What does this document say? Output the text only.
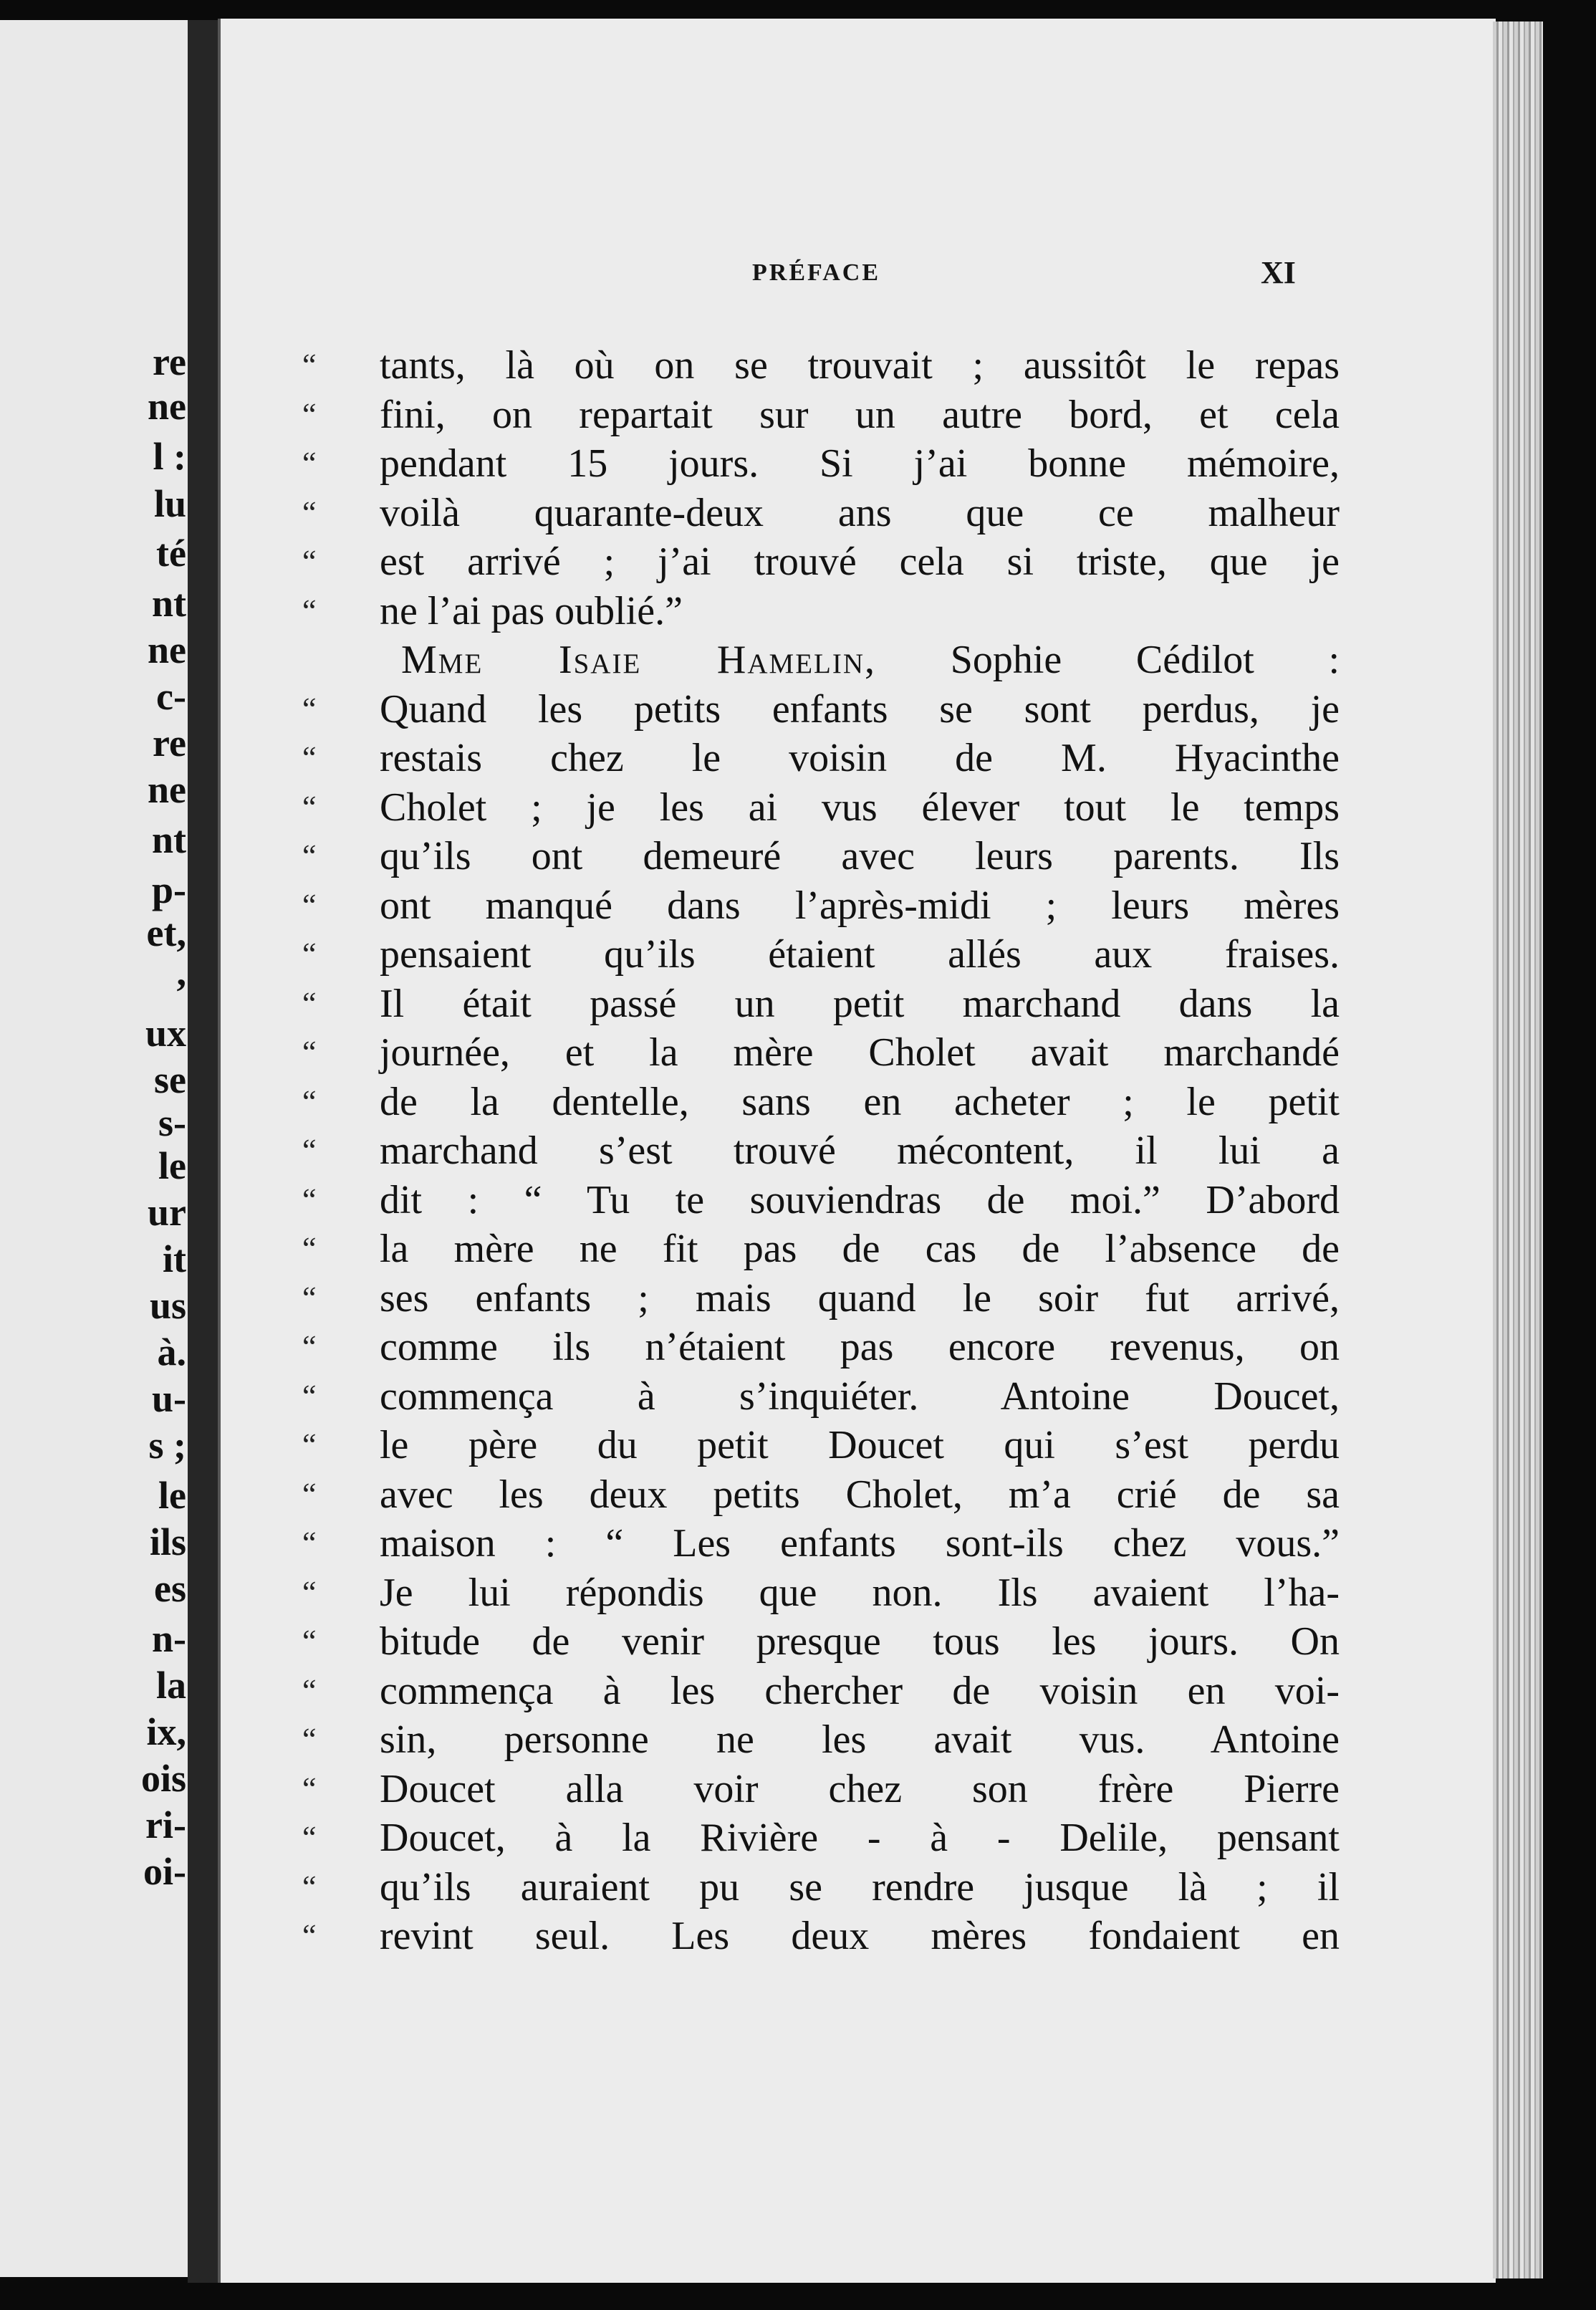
re
ne
l :
lu
té
nt
ne
c-
re
ne
nt
p-
et,
,
ux
se
s-
le
ur
it
us
à.
u-
s ;
le
ils
es
n-
la
ix,
ois
ri-
oi-
PRÉFACE	XI
“	tants, là où on se trouvait ; aussitôt le repas
“	fini, on repartait sur un autre bord, et cela
“	pendant 15 jours. Si j’ai bonne mémoire,
“	voilà quarante-deux ans que ce malheur
“	est arrivé ; j’ai trouvé cela si triste, que je
“	ne l’ai pas oublié.”
Mme Isaie Hamelin, Sophie Cédilot :
“	Quand les petits enfants se sont perdus, je
“	restais chez le voisin de M. Hyacinthe
“	Cholet ; je les ai vus élever tout le temps
“	qu’ils ont demeuré avec leurs parents. Ils
“	ont manqué dans l’après-midi ; leurs mères
“	pensaient qu’ils étaient allés aux fraises.
“	Il était passé un petit marchand dans la
“	journée, et la mère Cholet avait marchandé
“	de la dentelle, sans en acheter ; le petit
“	marchand s’est trouvé mécontent, il lui a
“	dit : “ Tu te souviendras de moi.” D’abord
“	la mère ne fit pas de cas de l’absence de
“	ses enfants ; mais quand le soir fut arrivé,
“	comme ils n’étaient pas encore revenus, on
“	commença à s’inquiéter. Antoine Doucet,
“	le père du petit Doucet qui s’est perdu
“	avec les deux petits Cholet, m’a crié de sa
“	maison : “ Les enfants sont-ils chez vous.”
“	Je lui répondis que non. Ils avaient l’ha-
“	bitude de venir presque tous les jours. On
“	commença à les chercher de voisin en voi-
“	sin, personne ne les avait vus. Antoine
“	Doucet alla voir chez son frère Pierre
“	Doucet, à la Rivière - à - Delile, pensant
“	qu’ils auraient pu se rendre jusque là ; il
“	revint seul. Les deux mères fondaient en
